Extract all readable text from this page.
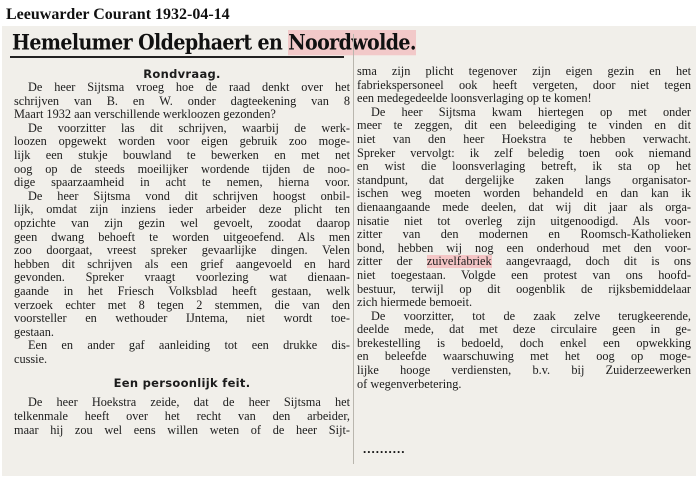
Leeuwarder Courant 1932-04-14
Hemelumer Oldephaert en Noordwolde.
Rondvraag.
De heer Sijtsma vroeg hoe de raad denkt over het
schrijven van B. en W. onder dagteekening van 8
Maart 1932 aan verschillende werkloozen gezonden?
De voorzitter las dit schrijven, waarbij de werk-
loozen opgewekt worden voor eigen gebruik zoo moge-
lijk een stukje bouwland te bewerken en met net
oog op de steeds moeilijker wordende tijden de noo-
dige spaarzaamheid in acht te nemen, hierna voor.
De heer Sijtsma vond dit schrijven hoogst onbil-
lijk, omdat zijn inziens ieder arbeider deze plicht ten
opzichte van zijn gezin wel gevoelt, zoodat daarop
geen dwang behoeft te worden uitgeoefend. Als men
zoo doorgaat, vreest spreker gevaarlijke dingen. Velen
hebben dit schrijven als een grief aangevoeld en hard
gevonden. Spreker vraagt voorlezing wat dienaan-
gaande in het Friesch Volksblad heeft gestaan, welk
verzoek echter met 8 tegen 2 stemmen, die van den
voorsteller en wethouder IJntema, niet wordt toe-
gestaan.
Een en ander gaf aanleiding tot een drukke dis-
cussie.
Een persoonlijk feit.
De heer Hoekstra zeide, dat de heer Sijtsma het
telkenmale heeft over het recht van den arbeider,
maar hij zou wel eens willen weten of de heer Sijt-
sma zijn plicht tegenover zijn eigen gezin en het
fabriekspersoneel ook heeft vergeten, door niet tegen
een medegedeelde loonsverlaging op te komen!
De heer Sijtsma kwam hiertegen op met onder
meer te zeggen, dit een beleediging te vinden en dit
niet van den heer Hoekstra te hebben verwacht.
Spreker vervolgt: ik zelf beledig toen ook niemand
en wist die loonsverlaging betreft, ik sta op het
standpunt, dat dergelijke zaken langs organisator-
ischen weg moeten worden behandeld en dan kan ik
dienaangaande mede deelen, dat wij dit jaar als orga-
nisatie niet tot overleg zijn uitgenoodigd. Als voor-
zitter van den modernen en Roomsch-Katholieken
bond, hebben wij nog een onderhoud met den voor-
zitter der zuivelfabriek aangevraagd, doch dit is ons
niet toegestaan. Volgde een protest van ons hoofd-
bestuur, terwijl op dit oogenblik de rijksbemiddelaar
zich hiermede bemoeit.
De voorzitter, tot de zaak zelve terugkeerende,
deelde mede, dat met deze circulaire geen in ge-
brekestelling is bedoeld, doch enkel een opwekking
en beleefde waarschuwing met het oog op moge-
lijke hooge verdiensten, b.v. bij Zuiderzeewerken
of wegenverbetering.
..........
